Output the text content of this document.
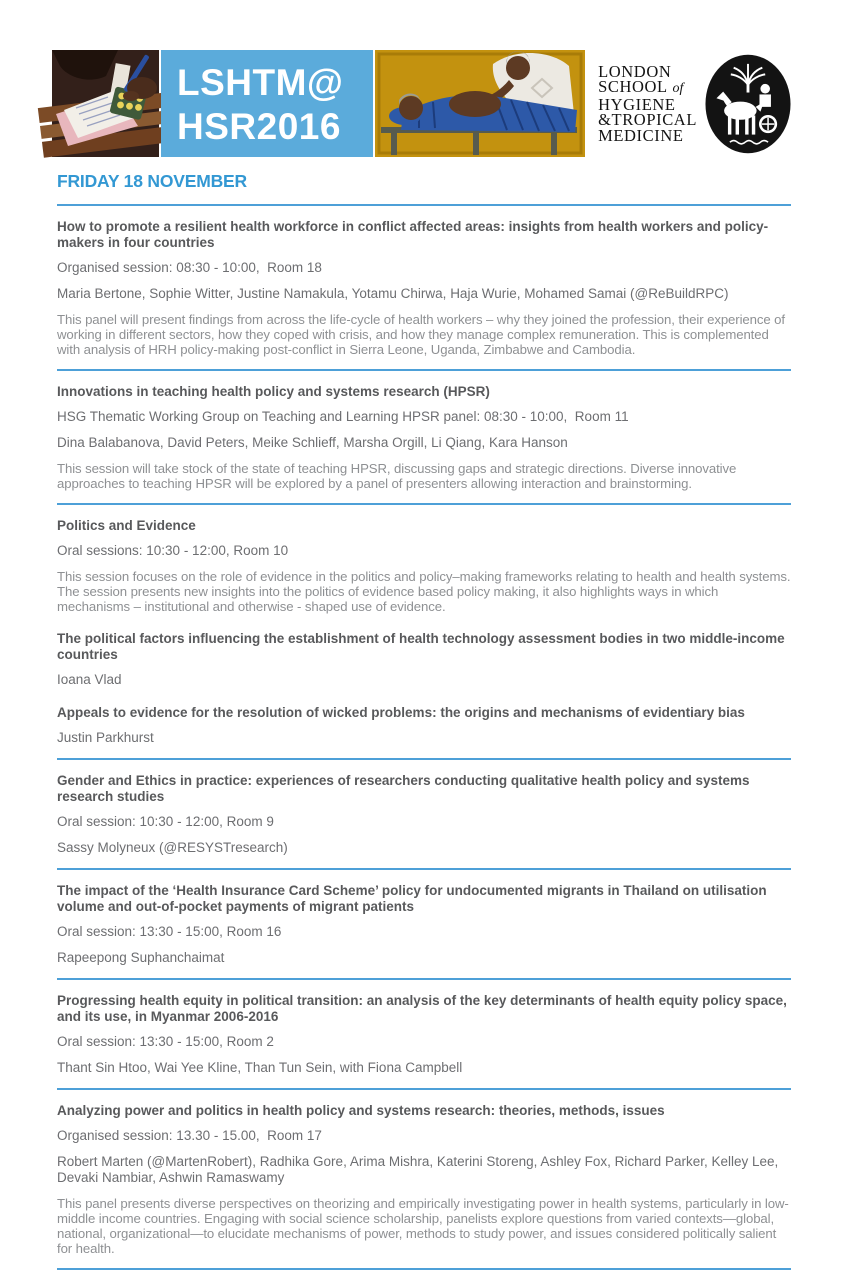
LSHTM@
HSR2016
LONDON
SCHOOL of
HYGIENE
&TROPICAL
MEDICINE
FRIDAY 18 NOVEMBER
How to promote a resilient health workforce in conflict affected areas: insights from health workers and policy-makers in four countries

Organised session: 08:30 - 10:00,  Room 18

Maria Bertone, Sophie Witter, Justine Namakula, Yotamu Chirwa, Haja Wurie, Mohamed Samai (@ReBuildRPC)

This panel will present findings from across the life-cycle of health workers – why they joined the profession, their experience of working in different sectors, how they coped with crisis, and how they manage complex remuneration. This is complemented with analysis of HRH policy-making post-conflict in Sierra Leone, Uganda, Zimbabwe and Cambodia.

Innovations in teaching health policy and systems research (HPSR)

HSG Thematic Working Group on Teaching and Learning HPSR panel: 08:30 - 10:00,  Room 11

Dina Balabanova, David Peters, Meike Schlieff, Marsha Orgill, Li Qiang, Kara Hanson

This session will take stock of the state of teaching HPSR, discussing gaps and strategic directions. Diverse innovative approaches to teaching HPSR will be explored by a panel of presenters allowing interaction and brainstorming.

Politics and Evidence

Oral sessions: 10:30 - 12:00, Room 10

This session focuses on the role of evidence in the politics and policy–making frameworks relating to health and health systems. The session presents new insights into the politics of evidence based policy making, it also highlights ways in which mechanisms – institutional and otherwise - shaped use of evidence.

The political factors influencing the establishment of health technology assessment bodies in two middle-income countries

Ioana Vlad

Appeals to evidence for the resolution of wicked problems: the origins and mechanisms of evidentiary bias

Justin Parkhurst

Gender and Ethics in practice: experiences of researchers conducting qualitative health policy and systems research studies

Oral session: 10:30 - 12:00, Room 9

Sassy Molyneux (@RESYSTresearch)

The impact of the ‘Health Insurance Card Scheme’ policy for undocumented migrants in Thailand on utilisation volume and out-of-pocket payments of migrant patients

Oral session: 13:30 - 15:00, Room 16

Rapeepong Suphanchaimat

Progressing health equity in political transition: an analysis of the key determinants of health equity policy space, and its use, in Myanmar 2006-2016

Oral session: 13:30 - 15:00, Room 2

Thant Sin Htoo, Wai Yee Kline, Than Tun Sein, with Fiona Campbell

Analyzing power and politics in health policy and systems research: theories, methods, issues

Organised session: 13.30 - 15.00,  Room 17

Robert Marten (@MartenRobert), Radhika Gore, Arima Mishra, Katerini Storeng, Ashley Fox, Richard Parker, Kelley Lee, Devaki Nambiar, Ashwin Ramaswamy

This panel presents diverse perspectives on theorizing and empirically investigating power in health systems, particularly in low-middle income countries. Engaging with social science scholarship, panelists explore questions from varied contexts—global, national, organizational—to elucidate mechanisms of power, methods to study power, and issues considered politically salient for health.
